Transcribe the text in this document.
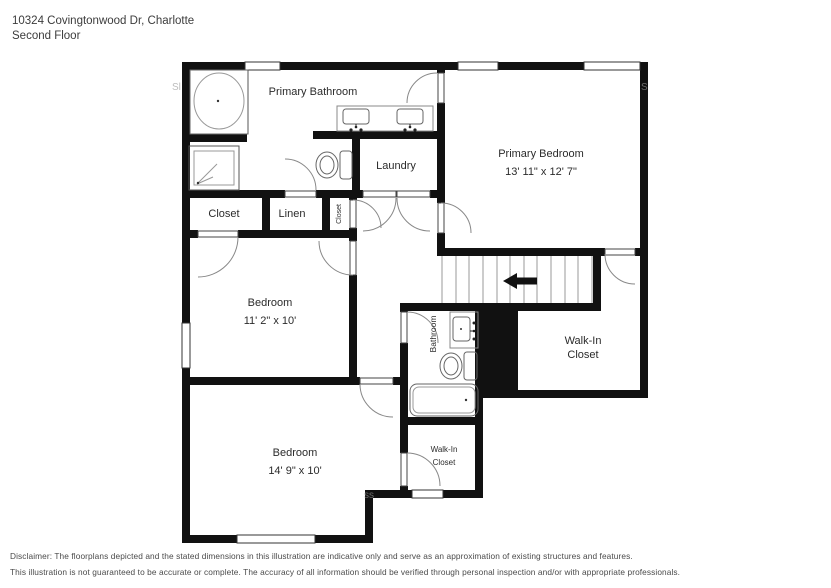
10324 Covingtonwood Dr, Charlotte
Second Floor
Primary Bathroom
Primary Bedroom
13' 11" x 12' 7"
Laundry
Closet	Linen	Closet
Bedroom
11' 2" x 10'
Bedroom
14' 9" x 10'
Bathroom	Walk-In
Closet
Walk-In
Closet
Sl	S
ss
Disclaimer: The floorplans depicted and the stated dimensions in this illustration are indicative only and serve as an approximation of existing structures and features.
This illustration is not guaranteed to be accurate or complete. The accuracy of all information should be verified through personal inspection and/or with appropriate professionals.
